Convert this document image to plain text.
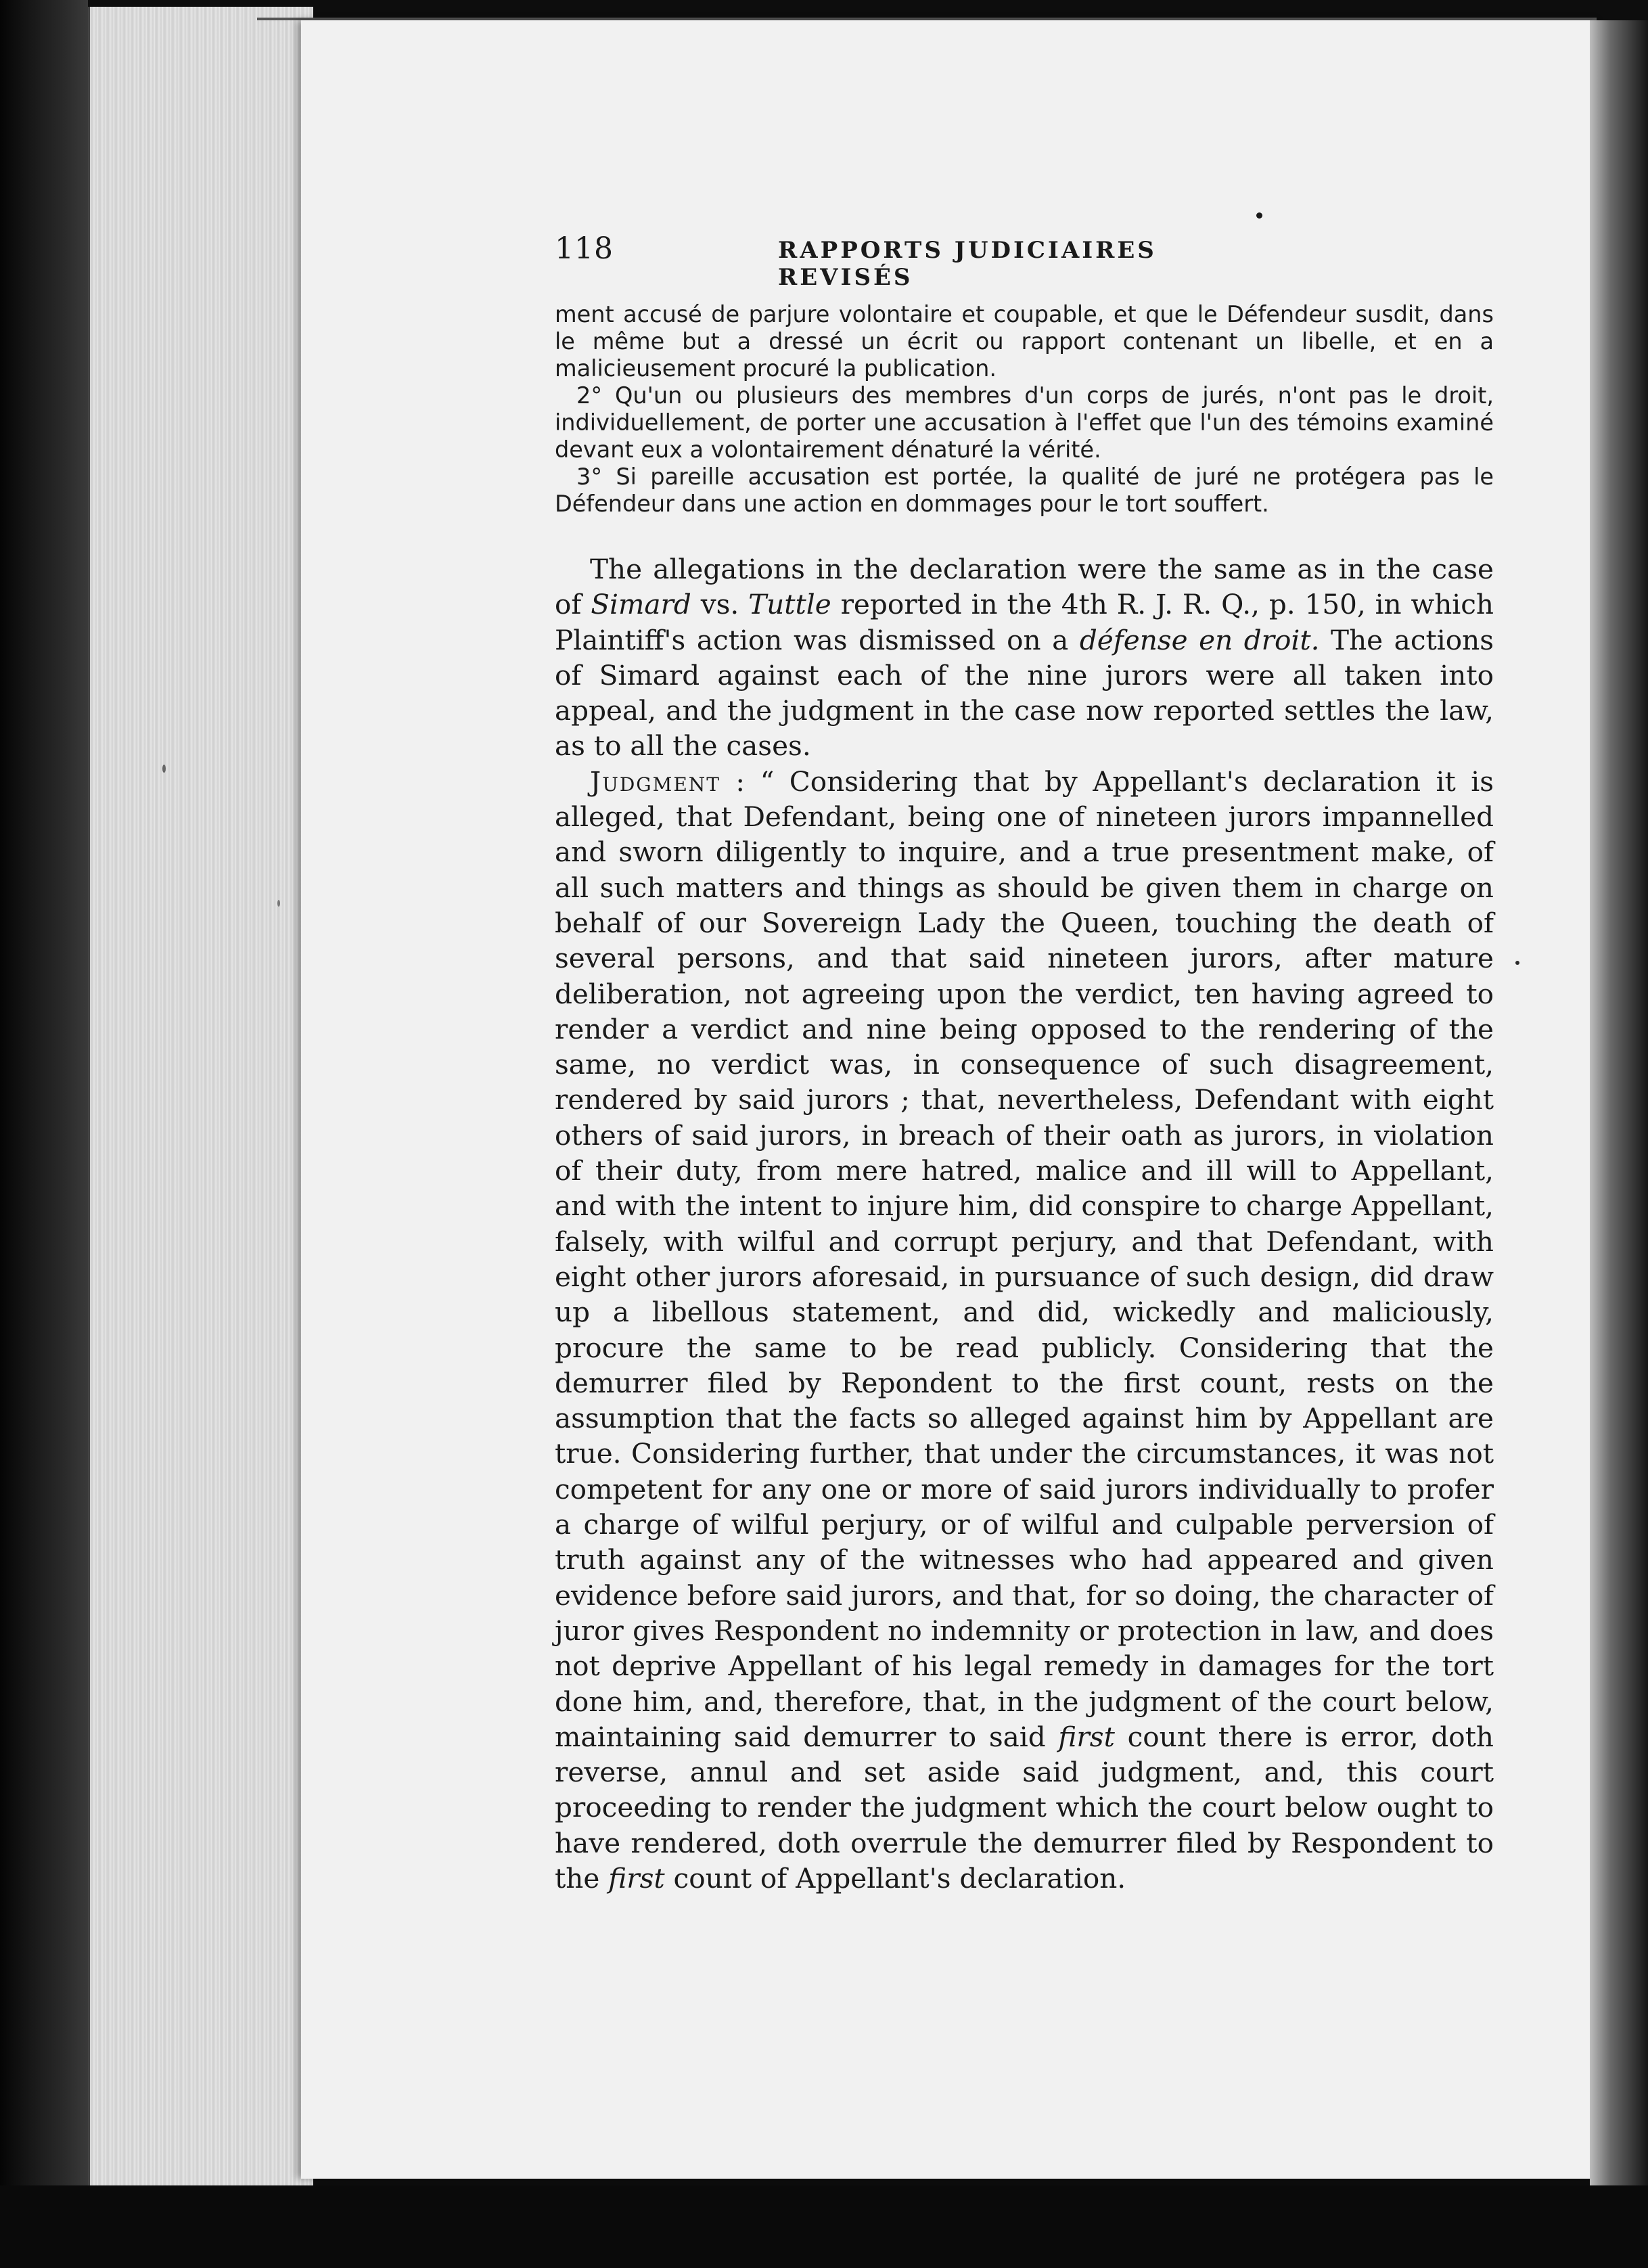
118	RAPPORTS JUDICIAIRES REVISÉS

ment accusé de parjure volontaire et coupable, et que le Défendeur susdit, dans le même but a dressé un écrit ou rapport contenant un libelle, et en a malicieusement procuré la publication.

2° Qu'un ou plusieurs des membres d'un corps de jurés, n'ont pas le droit, individuellement, de porter une accusation à l'effet que l'un des témoins examiné devant eux a volontairement dénaturé la vérité.

3° Si pareille accusation est portée, la qualité de juré ne protégera pas le Défendeur dans une action en dommages pour le tort souffert.

The allegations in the declaration were the same as in the case of Simard vs. Tuttle reported in the 4th R. J. R. Q., p. 150, in which Plaintiff's action was dismissed on a défense en droit. The actions of Simard against each of the nine jurors were all taken into appeal, and the judgment in the case now reported settles the law, as to all the cases.

Judgment : “ Considering that by Appellant's declaration it is alleged, that Defendant, being one of nineteen jurors impannelled and sworn diligently to inquire, and a true presentment make, of all such matters and things as should be given them in charge on behalf of our Sovereign Lady the Queen, touching the death of several persons, and that said nineteen jurors, after mature deliberation, not agreeing upon the verdict, ten having agreed to render a verdict and nine being opposed to the rendering of the same, no verdict was, in consequence of such disagreement, rendered by said jurors ; that, nevertheless, Defendant with eight others of said jurors, in breach of their oath as jurors, in violation of their duty, from mere hatred, malice and ill will to Appellant, and with the intent to injure him, did conspire to charge Appellant, falsely, with wilful and corrupt perjury, and that Defendant, with eight other jurors aforesaid, in pursuance of such design, did draw up a libellous statement, and did, wickedly and maliciously, procure the same to be read publicly. Considering that the demurrer filed by Repondent to the first count, rests on the assumption that the facts so alleged against him by Appellant are true. Considering further, that under the circumstances, it was not competent for any one or more of said jurors individually to profer a charge of wilful perjury, or of wilful and culpable perversion of truth against any of the witnesses who had appeared and given evidence before said jurors, and that, for so doing, the character of juror gives Respondent no indemnity or protection in law, and does not deprive Appellant of his legal remedy in damages for the tort done him, and, therefore, that, in the judgment of the court below, maintaining said demurrer to said first count there is error, doth reverse, annul and set aside said judgment, and, this court proceeding to render the judgment which the court below ought to have rendered, doth overrule the demurrer filed by Respondent to the first count of Appellant's declaration.
